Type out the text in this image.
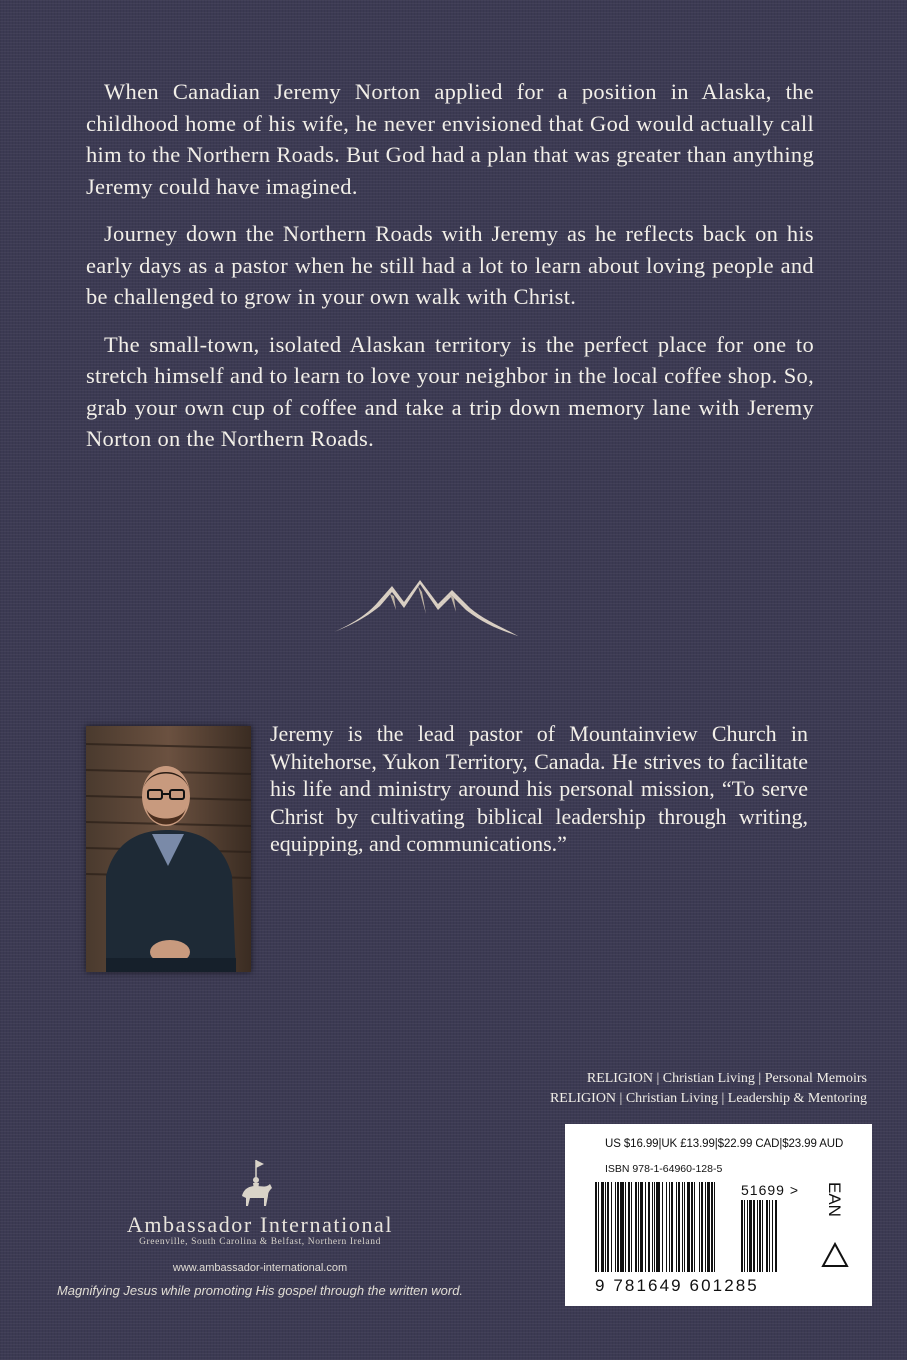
When Canadian Jeremy Norton applied for a position in Alaska, the childhood home of his wife, he never envisioned that God would actually call him to the Northern Roads. But God had a plan that was greater than anything Jeremy could have imagined.

Journey down the Northern Roads with Jeremy as he reflects back on his early days as a pastor when he still had a lot to learn about loving people and be challenged to grow in your own walk with Christ.

The small-town, isolated Alaskan territory is the perfect place for one to stretch himself and to learn to love your neighbor in the local coffee shop. So, grab your own cup of coffee and take a trip down memory lane with Jeremy Norton on the Northern Roads.

Jeremy is the lead pastor of Mountainview Church in Whitehorse, Yukon Territory, Canada. He strives to facilitate his life and ministry around his personal mission, “To serve Christ by cultivating biblical leadership through writing, equipping, and communications.”

RELIGION | Christian Living | Personal Memoirs
RELIGION | Christian Living | Leadership & Mentoring
US $16.99|UK £13.99|$22.99 CAD|$23.99 AUD
ISBN 978-1-64960-128-5
9 781649 601285
51699 > EAN
Ambassador International
Greenville, South Carolina & Belfast, Northern Ireland
www.ambassador-international.com
Magnifying Jesus while promoting His gospel through the written word.
